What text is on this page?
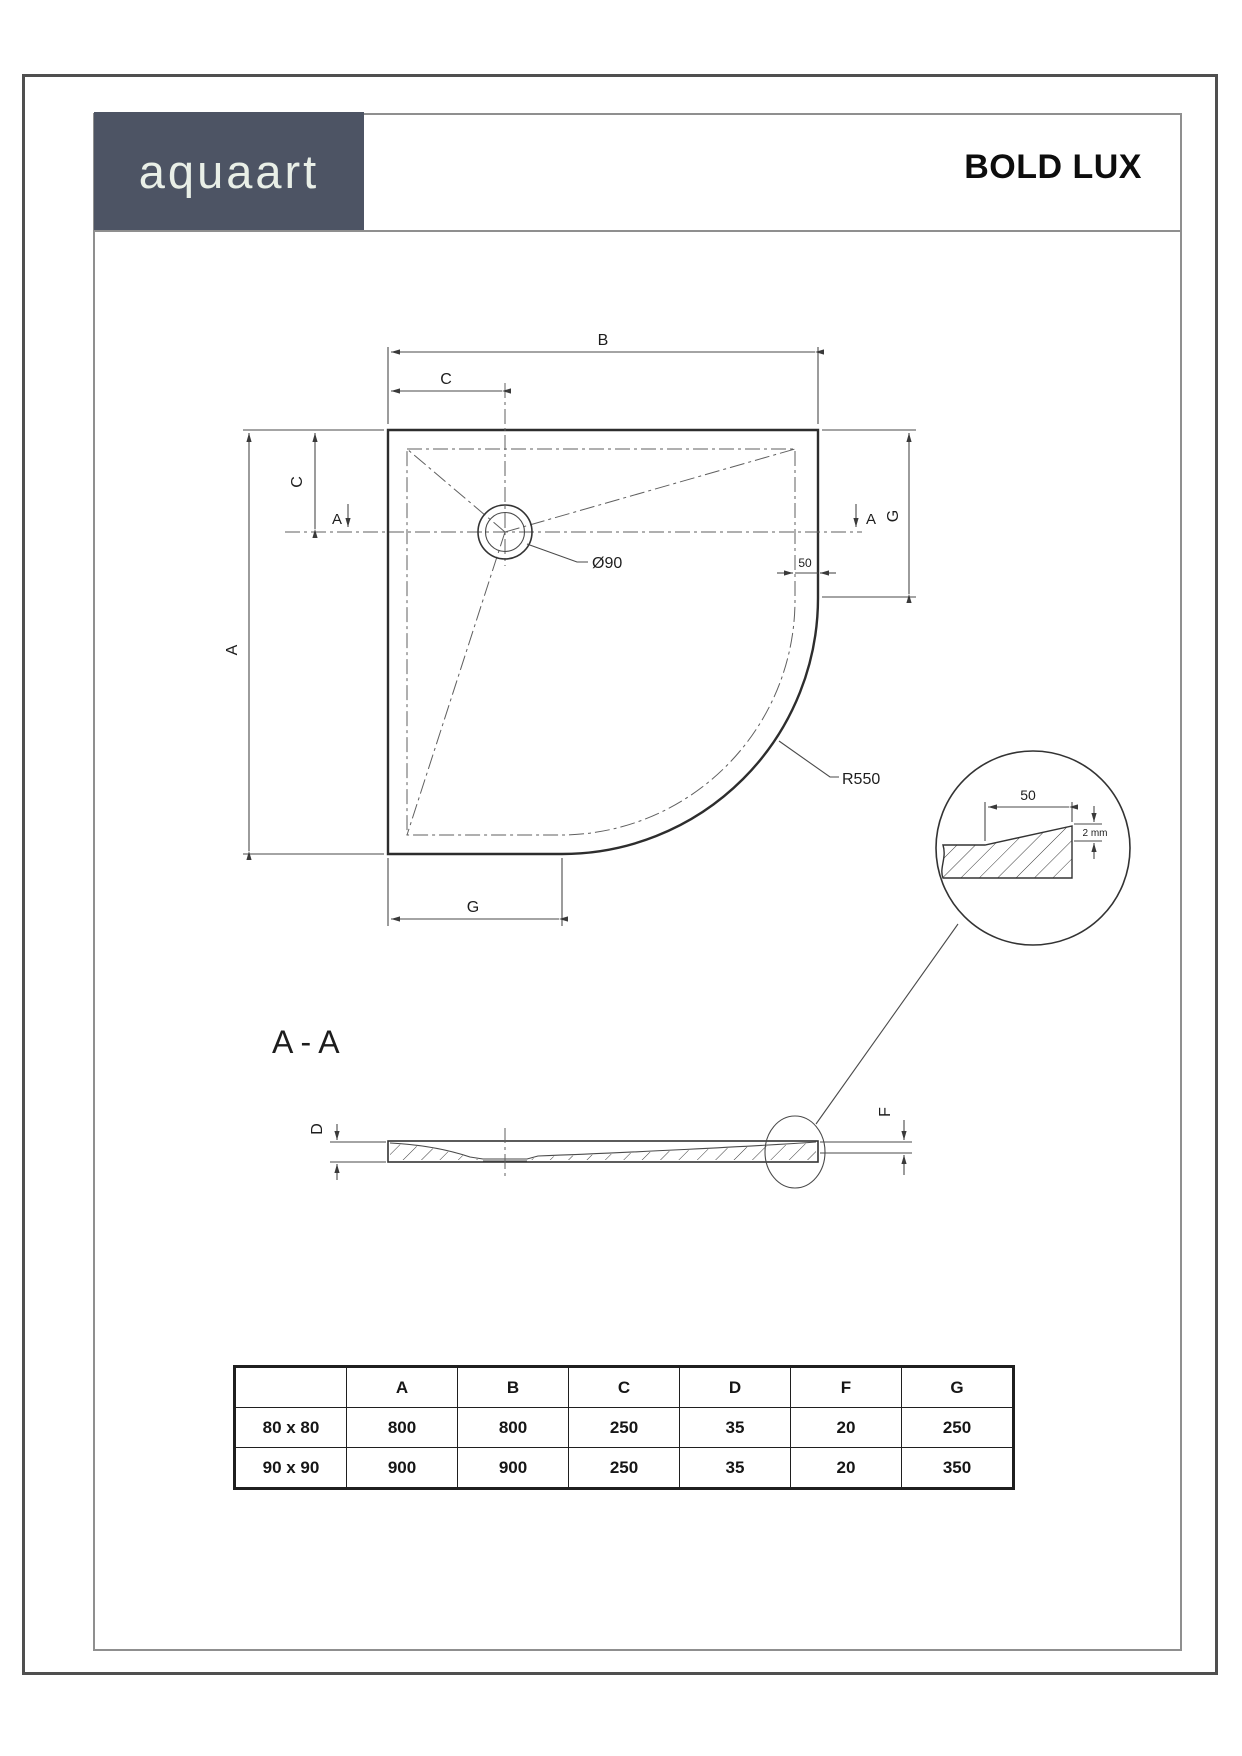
aquaart	BOLD LUX
B
C
A
C
A	A G
50
G
Ø90
R550
A - A
D
F
50
2 mm
	A	B	C	D	F	G
80 x 80	800	800	250	35	20	250
90 x 90	900	900	250	35	20	350
